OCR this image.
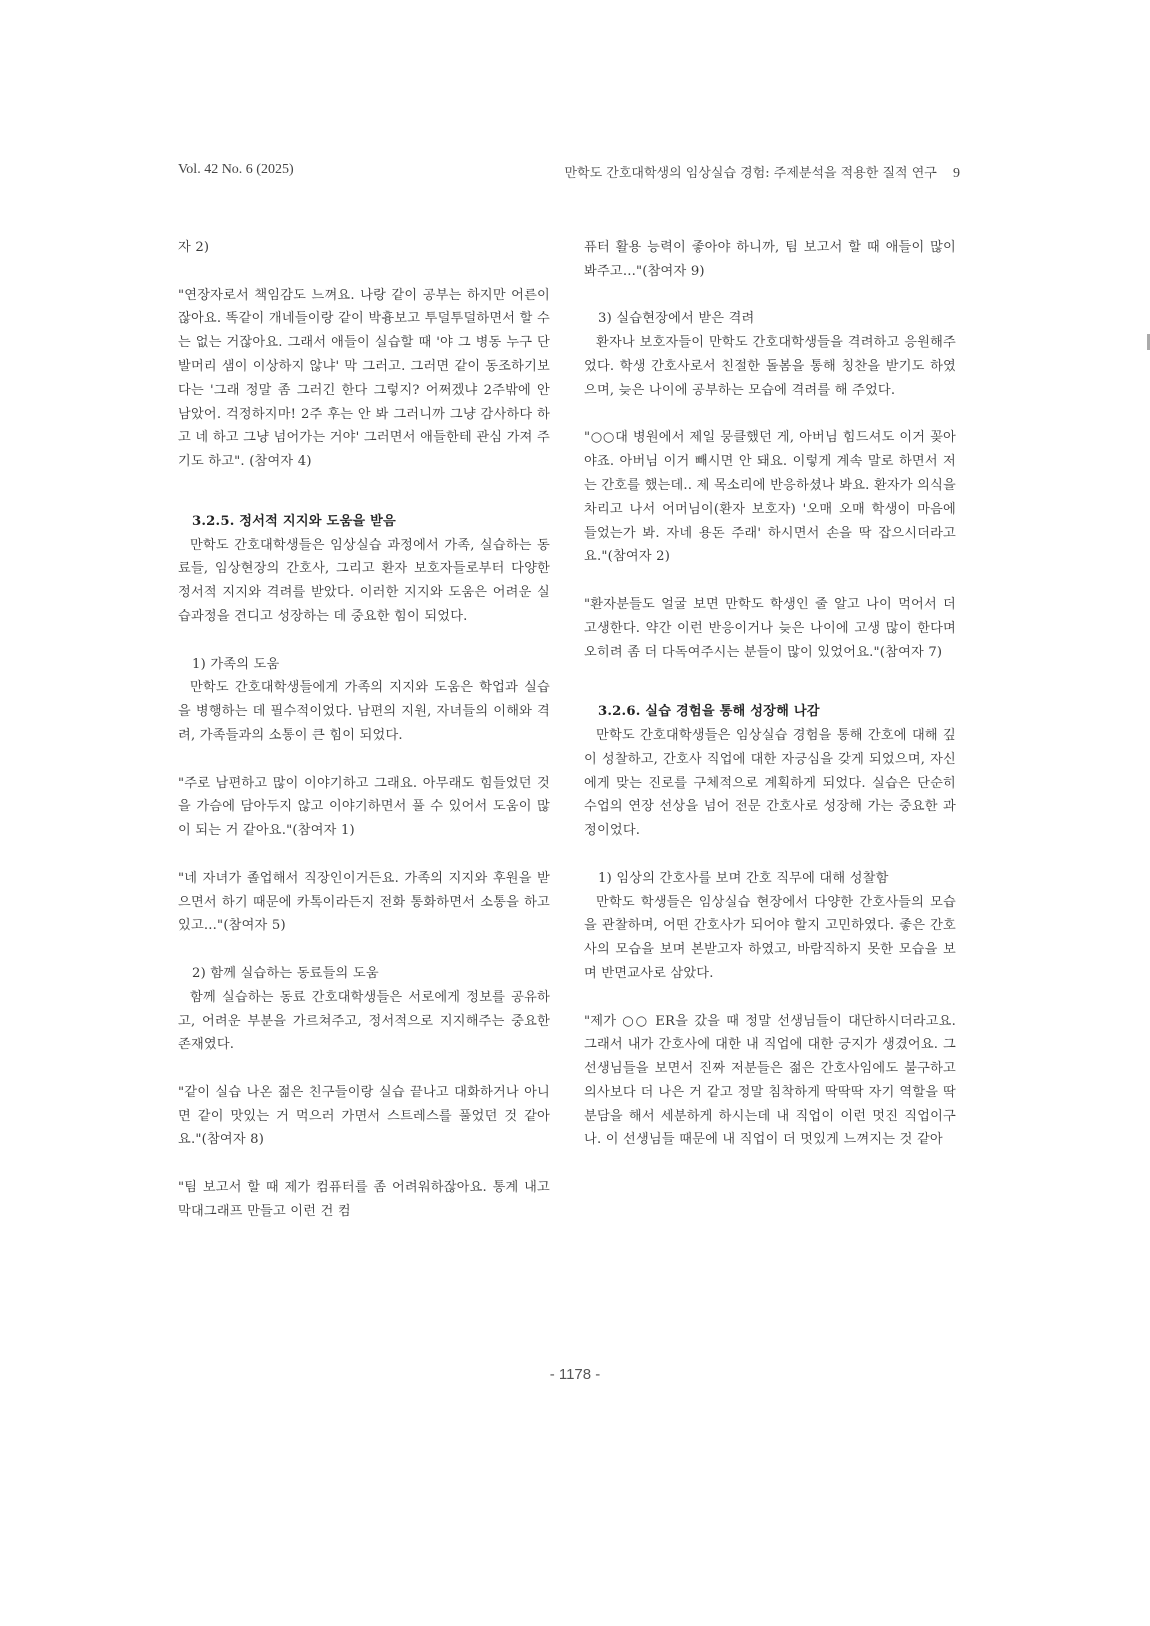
Vol. 42 No. 6 (2025)	만학도 간호대학생의 임상실습 경험: 주제분석을 적용한 질적 연구 9

자 2)

"연장자로서 책임감도 느껴요. 나랑 같이 공부는 하지만 어른이잖아요. 똑같이 개네들이랑 같이 박흉보고 투덜투덜하면서 할 수는 없는 거잖아요. 그래서 애들이 실습할 때 '야 그 병동 누구 단발머리 샘이 이상하지 않냐' 막 그러고. 그러면 같이 동조하기보다는 '그래 정말 좀 그러긴 한다 그렇지? 어쩌겠냐 2주밖에 안 남았어. 걱정하지마! 2주 후는 안 봐 그러니까 그냥 감사하다 하고 네 하고 그냥 넘어가는 거야' 그러면서 애들한테 관심 가져 주기도 하고". (참여자 4)

3.2.5. 정서적 지지와 도움을 받음

만학도 간호대학생들은 임상실습 과정에서 가족, 실습하는 동료들, 임상현장의 간호사, 그리고 환자 보호자들로부터 다양한 정서적 지지와 격려를 받았다. 이러한 지지와 도움은 어려운 실습과정을 견디고 성장하는 데 중요한 힘이 되었다.

1) 가족의 도움

만학도 간호대학생들에게 가족의 지지와 도움은 학업과 실습을 병행하는 데 필수적이었다. 남편의 지원, 자녀들의 이해와 격려, 가족들과의 소통이 큰 힘이 되었다.

"주로 남편하고 많이 이야기하고 그래요. 아무래도 힘들었던 것을 가슴에 담아두지 않고 이야기하면서 풀 수 있어서 도움이 많이 되는 거 같아요."(참여자 1)

"네 자녀가 졸업해서 직장인이거든요. 가족의 지지와 후원을 받으면서 하기 때문에 카톡이라든지 전화 통화하면서 소통을 하고 있고..."(참여자 5)

2) 함께 실습하는 동료들의 도움

함께 실습하는 동료 간호대학생들은 서로에게 정보를 공유하고, 어려운 부분을 가르쳐주고, 정서적으로 지지해주는 중요한 존재였다.

"같이 실습 나온 젊은 친구들이랑 실습 끝나고 대화하거나 아니면 같이 맛있는 거 먹으러 가면서 스트레스를 풀었던 것 같아요."(참여자 8)

"팀 보고서 할 때 제가 컴퓨터를 좀 어려워하잖아요. 통계 내고 막대그래프 만들고 이런 건 컴

퓨터 활용 능력이 좋아야 하니까, 팀 보고서 할 때 애들이 많이 봐주고..."(참여자 9)

3) 실습현장에서 받은 격려

환자나 보호자들이 만학도 간호대학생들을 격려하고 응원해주었다. 학생 간호사로서 친절한 돌봄을 통해 칭찬을 받기도 하였으며, 늦은 나이에 공부하는 모습에 격려를 해 주었다.

"○○대 병원에서 제일 뭉클했던 게, 아버님 힘드셔도 이거 꽂아야죠. 아버님 이거 빼시면 안 돼요. 이렇게 계속 말로 하면서 저는 간호를 했는데.. 제 목소리에 반응하셨나 봐요. 환자가 의식을 차리고 나서 어머님이(환자 보호자) '오매 오매 학생이 마음에 들었는가 봐. 자네 용돈 주래' 하시면서 손을 딱 잡으시더라고요."(참여자 2)

"환자분들도 얼굴 보면 만학도 학생인 줄 알고 나이 먹어서 더 고생한다. 약간 이런 반응이거나 늦은 나이에 고생 많이 한다며 오히려 좀 더 다독여주시는 분들이 많이 있었어요."(참여자 7)

3.2.6. 실습 경험을 통해 성장해 나감

만학도 간호대학생들은 임상실습 경험을 통해 간호에 대해 깊이 성찰하고, 간호사 직업에 대한 자긍심을 갖게 되었으며, 자신에게 맞는 진로를 구체적으로 계획하게 되었다. 실습은 단순히 수업의 연장 선상을 넘어 전문 간호사로 성장해 가는 중요한 과정이었다.

1) 임상의 간호사를 보며 간호 직무에 대해 성찰함

만학도 학생들은 임상실습 현장에서 다양한 간호사들의 모습을 관찰하며, 어떤 간호사가 되어야 할지 고민하였다. 좋은 간호사의 모습을 보며 본받고자 하였고, 바람직하지 못한 모습을 보며 반면교사로 삼았다.

"제가 ○○ ER을 갔을 때 정말 선생님들이 대단하시더라고요. 그래서 내가 간호사에 대한 내 직업에 대한 긍지가 생겼어요. 그 선생님들을 보면서 진짜 저분들은 젊은 간호사임에도 불구하고 의사보다 더 나은 거 같고 정말 침착하게 딱딱딱 자기 역할을 딱 분담을 해서 세분하게 하시는데 내 직업이 이런 멋진 직업이구나. 이 선생님들 때문에 내 직업이 더 멋있게 느껴지는 것 같아

- 1178 -
